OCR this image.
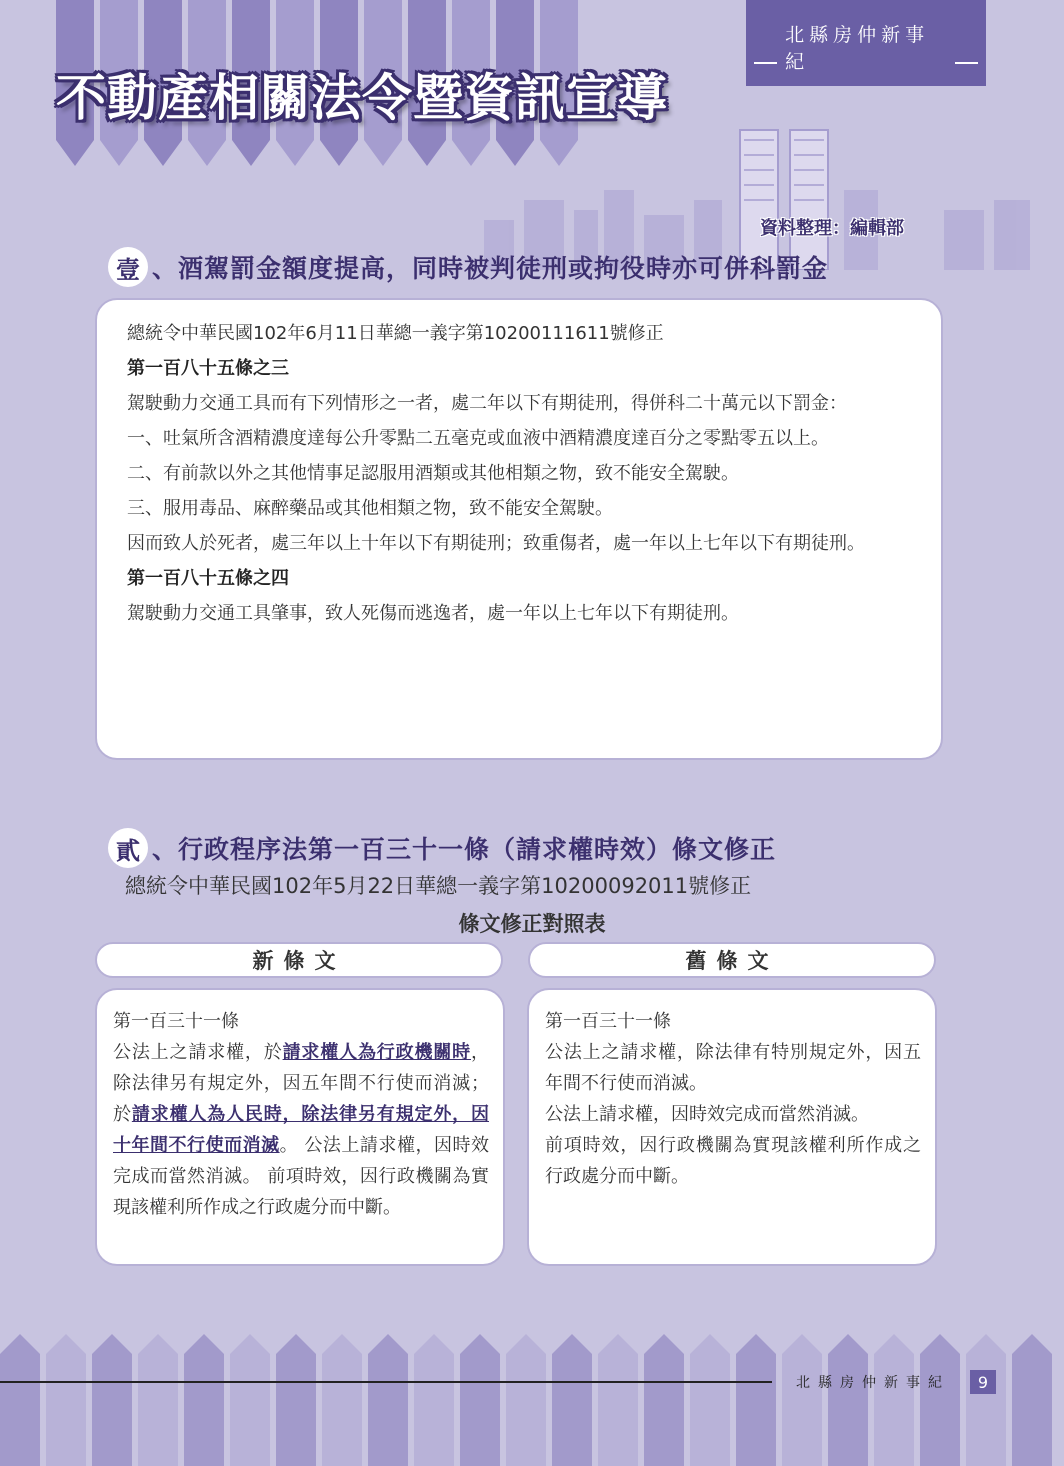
不動產相關法令暨資訊宣導
北縣房仲新事紀
資料整理：編輯部
壹 、酒駕罰金額度提高，同時被判徒刑或拘役時亦可併科罰金

總統令中華民國102年6月11日華總一義字第10200111611號修正

第一百八十五條之三

駕駛動力交通工具而有下列情形之一者，處二年以下有期徒刑，得併科二十萬元以下罰金：

一、吐氣所含酒精濃度達每公升零點二五毫克或血液中酒精濃度達百分之零點零五以上。

二、有前款以外之其他情事足認服用酒類或其他相類之物，致不能安全駕駛。

三、服用毒品、麻醉藥品或其他相類之物，致不能安全駕駛。

因而致人於死者，處三年以上十年以下有期徒刑；致重傷者，處一年以上七年以下有期徒刑。

第一百八十五條之四

駕駛動力交通工具肇事，致人死傷而逃逸者，處一年以上七年以下有期徒刑。

貳 、行政程序法第一百三十一條（請求權時效）條文修正
總統令中華民國102年5月22日華總一義字第10200092011號修正
條文修正對照表
新條文	舊條文

第一百三十一條

公法上之請求權，於請求權人為行政機關時，除法律另有規定外，因五年間不行使而消滅；於請求權人為人民時，除法律另有規定外，因十年間不行使而消滅。 公法上請求權，因時效完成而當然消滅。 前項時效，因行政機關為實現該權利所作成之行政處分而中斷。

第一百三十一條

公法上之請求權，除法律有特別規定外，因五年間不行使而消滅。

公法上請求權，因時效完成而當然消滅。

前項時效，因行政機關為實現該權利所作成之行政處分而中斷。

北縣房仲新事紀	9
